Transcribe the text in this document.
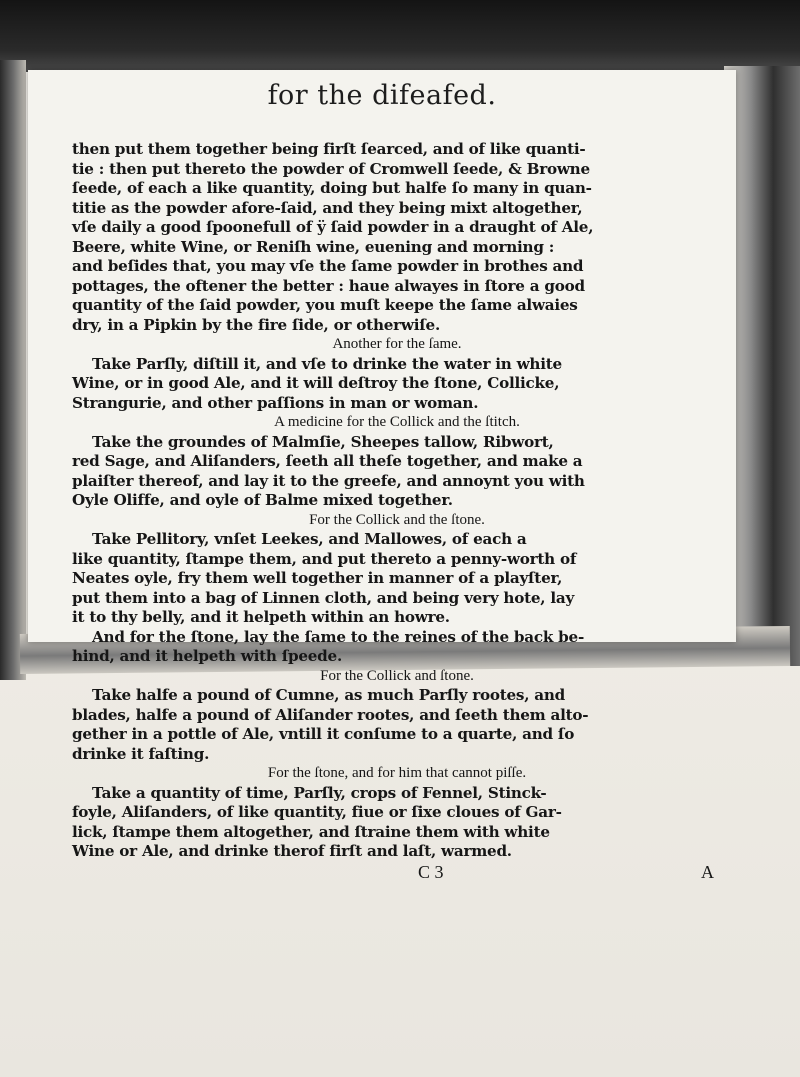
for the difeafed.
then put them together being firſt ſearced, and of like quanti-
tie : then put thereto the powder of Cromwell ſeede, & Browne
ſeede, of each a like quantity, doing but halfe ſo many in quan-
titie as the powder afore-ſaid, and they being mixt altogether,
vſe daily a good ſpoonefull of ÿ ſaid powder in a draught of Ale,
Beere, white Wine, or Reniſh wine, euening and morning :
and beſides that, you may vſe the ſame powder in brothes and
pottages, the oftener the better : haue alwayes in ſtore a good
quantity of the ſaid powder, you muſt keepe the ſame alwaies
dry, in a Pipkin by the fire ſide, or otherwiſe.
Another for the ſame.
Take Parſly, diſtill it, and vſe to drinke the water in white
Wine, or in good Ale, and it will deſtroy the ſtone, Collicke,
Strangurie, and other paſſions in man or woman.
A medicine for the Collick and the ſtitch.
Take the groundes of Malmſie, Sheepes tallow, Ribwort,
red Sage, and Aliſanders, ſeeth all theſe together, and make a
plaiſter thereof, and lay it to the greefe, and annoynt you with
Oyle Oliffe, and oyle of Balme mixed together.
For the Collick and the ſtone.
Take Pellitory, vnſet Leekes, and Mallowes, of each a
like quantity, ſtampe them, and put thereto a penny-worth of
Neates oyle, fry them well together in manner of a playſter,
put them into a bag of Linnen cloth, and being very hote, lay
it to thy belly, and it helpeth within an howre.
And for the ſtone, lay the ſame to the reines of the back be-
hind, and it helpeth with ſpeede.
For the Collick and ſtone.
Take halfe a pound of Cumne, as much Parſly rootes, and
blades, halfe a pound of Aliſander rootes, and ſeeth them alto-
gether in a pottle of Ale, vntill it conſume to a quarte, and ſo
drinke it faſting.
For the ſtone, and for him that cannot piſſe.
Take a quantity of time, Parſly, crops of Fennel, Stinck-
foyle, Aliſanders, of like quantity, fiue or ſixe cloues of Gar-
lick, ſtampe them altogether, and ſtraine them with white
Wine or Ale, and drinke therof firſt and laſt, warmed.
C 3	A
